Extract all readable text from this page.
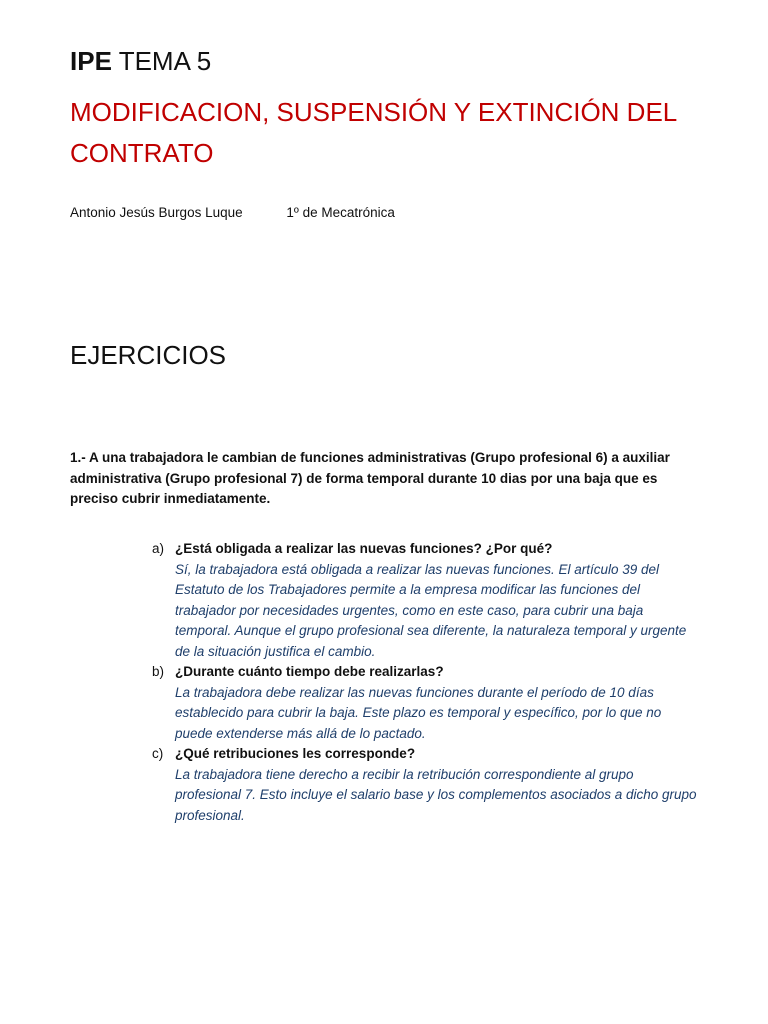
IPE TEMA 5
MODIFICACION, SUSPENSIÓN Y EXTINCIÓN DEL CONTRATO
Antonio Jesús Burgos Luque	1º de Mecatrónica
EJERCICIOS
1.- A una trabajadora le cambian de funciones administrativas (Grupo profesional 6) a auxiliar administrativa (Grupo profesional 7) de forma temporal durante 10 dias por una baja que es preciso cubrir inmediatamente.
a) ¿Está obligada a realizar las nuevas funciones? ¿Por qué?
Sí, la trabajadora está obligada a realizar las nuevas funciones. El artículo 39 del Estatuto de los Trabajadores permite a la empresa modificar las funciones del trabajador por necesidades urgentes, como en este caso, para cubrir una baja temporal. Aunque el grupo profesional sea diferente, la naturaleza temporal y urgente de la situación justifica el cambio.
b) ¿Durante cuánto tiempo debe realizarlas?
La trabajadora debe realizar las nuevas funciones durante el período de 10 días establecido para cubrir la baja. Este plazo es temporal y específico, por lo que no puede extenderse más allá de lo pactado.
c) ¿Qué retribuciones les corresponde?
La trabajadora tiene derecho a recibir la retribución correspondiente al grupo profesional 7. Esto incluye el salario base y los complementos asociados a dicho grupo profesional.
